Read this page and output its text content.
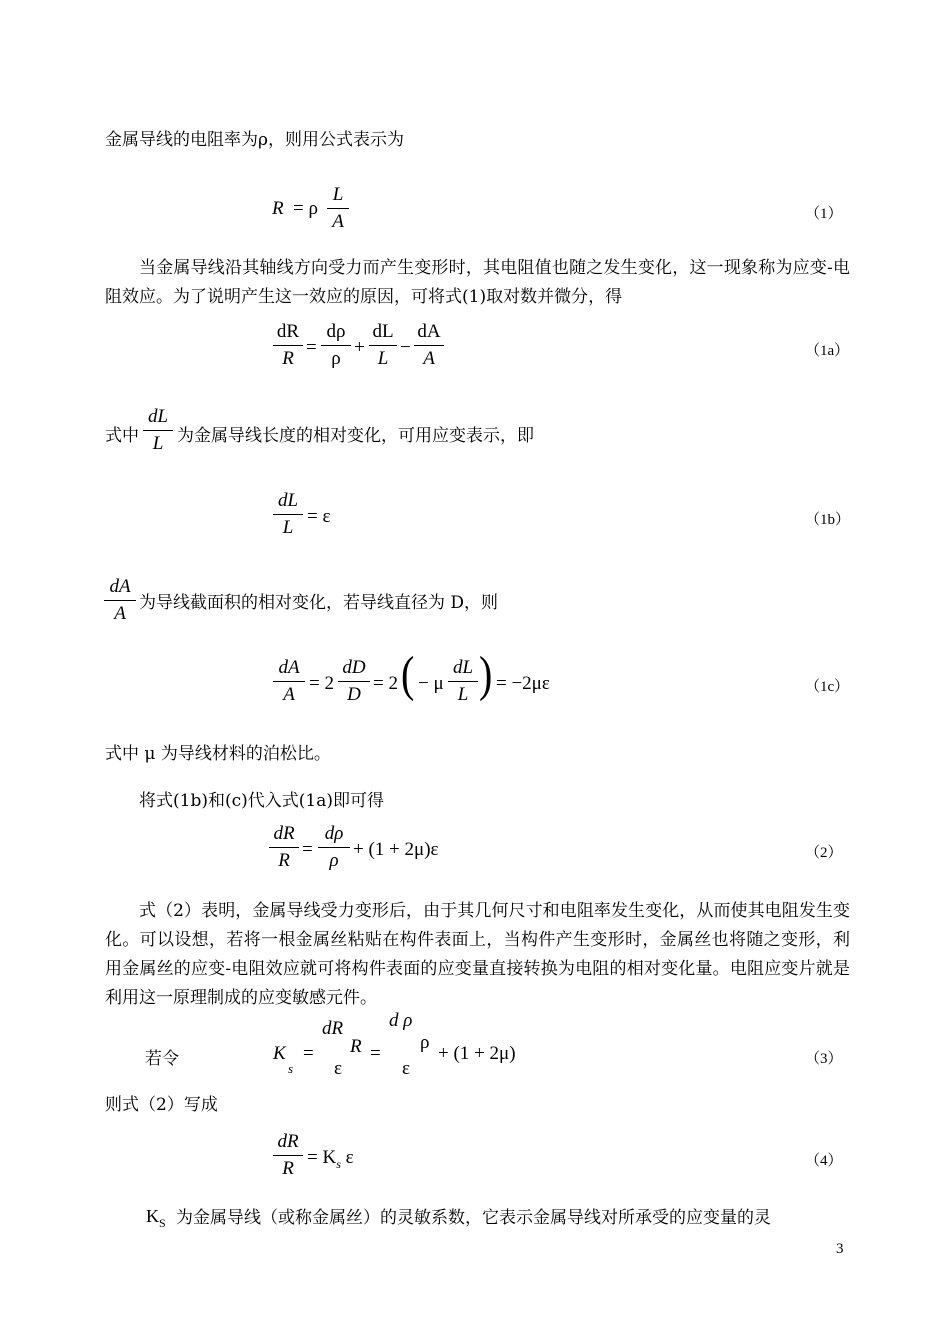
金属导线的电阻率为ρ，则用公式表示为
R = ρ
L
A	（1）
当金属导线沿其轴线方向受力而产生变形时，其电阻值也随之发生变化，这一现象称为应变-电阻效应。为了说明产生这一效应的原因，可将式(1)取对数并微分，得
dR
R
=
dρ
ρ
+
dL
L
−
dA
A	（1a）
式中
dL
L 为金属导线长度的相对变化，可用应变表示，即
dL
L
= ε	（1b）
dA
A 为导线截面积的相对变化，若导线直径为 D，则
dA
A
= 2
dD
D
= 2 ( − μ
dL
L ) = −2με	（1c）
式中 μ 为导线材料的泊松比。
将式(1b)和(c)代入式(1a)即可得
dR
R
=
dρ
ρ
+ (1 + 2μ)ε	（2）
式（2）表明，金属导线受力变形后，由于其几何尺寸和电阻率发生变化，从而使其电阻发生变化。可以设想，若将一根金属丝粘贴在构件表面上，当构件产生变形时，金属丝也将随之变形，利用金属丝的应变-电阻效应就可将构件表面的应变量直接转换为电阻的相对变化量。电阻应变片就是利用这一原理制成的应变敏感元件。
若令	K
s
=
dR
R
ε
=
d ρ
ρ
ε
+ (1 + 2μ)	（3）
则式（2）写成
dR
R
= $K_s$ ε	（4）
$K_S$ 为金属导线（或称金属丝）的灵敏系数，它表示金属导线对所承受的应变量的灵
3
